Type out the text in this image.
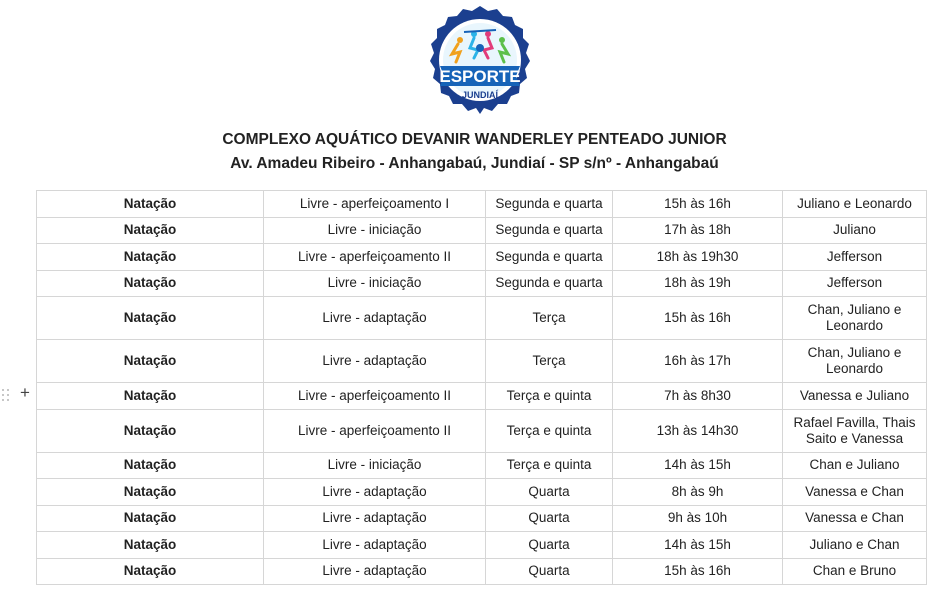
ESPORTE
JUNDIAÍ
COMPLEXO AQUÁTICO DEVANIR WANDERLEY PENTEADO JUNIOR
Av. Amadeu Ribeiro - Anhangabaú, Jundiaí - SP s/nº - Anhangabaú
+
Natação	Livre - aperfeiçoamento I	Segunda e quarta	15h às 16h	Juliano e Leonardo
Natação	Livre - iniciação	Segunda e quarta	17h às 18h	Juliano
Natação	Livre - aperfeiçoamento II	Segunda e quarta	18h às 19h30	Jefferson
Natação	Livre - iniciação	Segunda e quarta	18h às 19h	Jefferson
Natação	Livre - adaptação	Terça	15h às 16h	Chan, Juliano e Leonardo
Natação	Livre - adaptação	Terça	16h às 17h	Chan, Juliano e Leonardo
Natação	Livre - aperfeiçoamento II	Terça e quinta	7h às 8h30	Vanessa e Juliano
Natação	Livre - aperfeiçoamento II	Terça e quinta	13h às 14h30	Rafael Favilla, Thais Saito e Vanessa
Natação	Livre - iniciação	Terça e quinta	14h às 15h	Chan e Juliano
Natação	Livre - adaptação	Quarta	8h às 9h	Vanessa e Chan
Natação	Livre - adaptação	Quarta	9h às 10h	Vanessa e Chan
Natação	Livre - adaptação	Quarta	14h às 15h	Juliano e Chan
Natação	Livre - adaptação	Quarta	15h às 16h	Chan e Bruno
